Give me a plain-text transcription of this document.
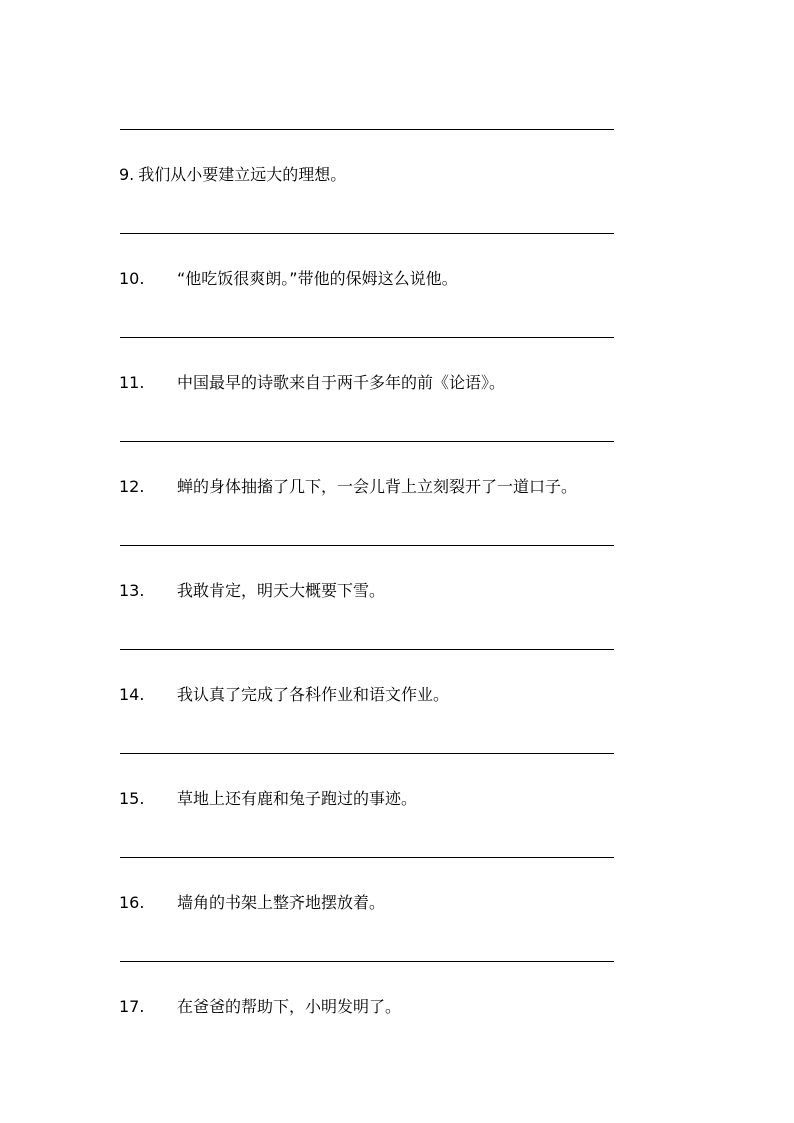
9. 我们从小要建立远大的理想。
10. “他吃饭很爽朗。”带他的保姆这么说他。
11. 中国最早的诗歌来自于两千多年的前《论语》。
12. 蝉的身体抽搐了几下，一会儿背上立刻裂开了一道口子。
13. 我敢肯定，明天大概要下雪。
14. 我认真了完成了各科作业和语文作业。
15. 草地上还有鹿和兔子跑过的事迹。
16. 墙角的书架上整齐地摆放着。
17. 在爸爸的帮助下，小明发明了。
